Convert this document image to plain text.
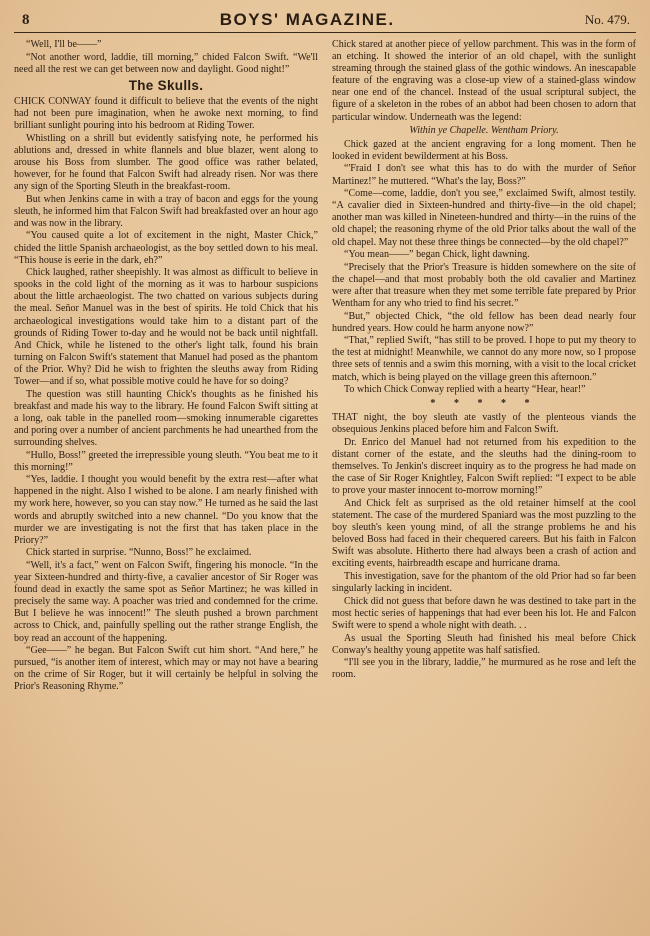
8	BOYS' MAGAZINE.	No. 479.

“Well, I'll be——”

“Not another word, laddie, till morning,” chided Falcon Swift. “We'll need all the rest we can get between now and daylight. Good night!”

The Skulls.

CHICK CONWAY found it difficult to believe that the events of the night had not been pure imagination, when he awoke next morning, to find brilliant sunlight pouring into his bedroom at Riding Tower.

Whistling on a shrill but evidently satisfying note, he performed his ablutions and, dressed in white flannels and blue blazer, went along to arouse his Boss from slumber. The good office was rather belated, however, for he found that Falcon Swift had already risen. Nor was there any sign of the Sporting Sleuth in the breakfast-room.

But when Jenkins came in with a tray of bacon and eggs for the young sleuth, he informed him that Falcon Swift had breakfasted over an hour ago and was now in the library.

“You caused quite a lot of excitement in the night, Master Chick,” chided the little Spanish archaeologist, as the boy settled down to his meal. “This house is eerie in the dark, eh?”

Chick laughed, rather sheepishly. It was almost as difficult to believe in spooks in the cold light of the morning as it was to harbour suspicions about the little archaeologist. The two chatted on various subjects during the meal. Señor Manuel was in the best of spirits. He told Chick that his archaeological investigations would take him to a distant part of the grounds of Riding Tower to-day and he would not be back until nightfall. And Chick, while he listened to the other's light talk, found his brain turning on Falcon Swift's statement that Manuel had posed as the phantom of the Prior. Why? Did he wish to frighten the sleuths away from Riding Tower—and if so, what possible motive could he have for so doing?

The question was still haunting Chick's thoughts as he finished his breakfast and made his way to the library. He found Falcon Swift sitting at a long, oak table in the panelled room—smoking innumerable cigarettes and poring over a number of ancient parchments he had unearthed from the surrounding shelves.

“Hullo, Boss!” greeted the irrepressible young sleuth. “You beat me to it this morning!”

“Yes, laddie. I thought you would benefit by the extra rest—after what happened in the night. Also I wished to be alone. I am nearly finished with my work here, however, so you can stay now.” He turned as he said the last words and abruptly switched into a new channel. “Do you know that the murder we are investigating is not the first that has taken place in the Priory?”

Chick started in surprise. “Nunno, Boss!” he exclaimed.

“Well, it's a fact,” went on Falcon Swift, fingering his monocle. “In the year Sixteen-hundred and thirty-five, a cavalier ancestor of Sir Roger was found dead in exactly the same spot as Señor Martinez; he was killed in precisely the same way. A poacher was tried and condemned for the crime. But I believe he was innocent!” The sleuth pushed a brown parchment across to Chick, and, painfully spelling out the rather strange English, the boy read an account of the happening.

“Gee——” he began. But Falcon Swift cut him short. “And here,” he pursued, “is another item of interest, which may or may not have a bearing on the crime of Sir Roger, but it will certainly be helpful in solving the Prior's Reasoning Rhyme.”

Chick stared at another piece of yellow parchment. This was in the form of an etching. It showed the interior of an old chapel, with the sunlight streaming through the stained glass of the gothic windows. An inescapable feature of the engraving was a close-up view of a stained-glass window near one end of the chancel. Instead of the usual scriptural subject, the figure of a skeleton in the robes of an abbot had been chosen to adorn that particular window. Underneath was the legend:

Within ye Chapelle. Wentham Priory.

Chick gazed at the ancient engraving for a long moment. Then he looked in evident bewilderment at his Boss.

“'Fraid I don't see what this has to do with the murder of Señor Martinez!” he muttered. “What's the lay, Boss?”

“Come—come, laddie, don't you see,” exclaimed Swift, almost testily. “A cavalier died in Sixteen-hundred and thirty-five—in the old chapel; another man was killed in Nineteen-hundred and thirty—in the ruins of the old chapel; the reasoning rhyme of the old Prior talks about the wall of the old chapel. May not these three things be connected—by the old chapel?”

“You mean——” began Chick, light dawning.

“Precisely that the Prior's Treasure is hidden somewhere on the site of the chapel—and that most probably both the old cavalier and Martinez were after that treasure when they met some terrible fate prepared by Prior Wentham for any who tried to find his secret.”

“But,” objected Chick, “the old fellow has been dead nearly four hundred years. How could he harm anyone now?”

“That,” replied Swift, “has still to be proved. I hope to put my theory to the test at midnight! Meanwhile, we cannot do any more now, so I propose three sets of tennis and a swim this morning, with a visit to the local cricket match, which is being played on the village green this afternoon.”

To which Chick Conway replied with a hearty “Hear, hear!”

* * * * *

THAT night, the boy sleuth ate vastly of the plenteous viands the obsequious Jenkins placed before him and Falcon Swift.

Dr. Enrico del Manuel had not returned from his expedition to the distant corner of the estate, and the sleuths had the dining-room to themselves. To Jenkin's discreet inquiry as to the progress he had made on the case of Sir Roger Knightley, Falcon Swift replied: “I expect to be able to prove your master innocent to-morrow morning!”

And Chick felt as surprised as the old retainer himself at the cool statement. The case of the murdered Spaniard was the most puzzling to the boy sleuth's keen young mind, of all the strange problems he and his beloved Boss had faced in their chequered careers. But his faith in Falcon Swift was absolute. Hitherto there had always been a crash of action and exciting events, hairbreadth escape and hurricane drama.

This investigation, save for the phantom of the old Prior had so far been singularly lacking in incident.

Chick did not guess that before dawn he was destined to take part in the most hectic series of happenings that had ever been his lot. He and Falcon Swift were to spend a whole night with death. . .

As usual the Sporting Sleuth had finished his meal before Chick Conway's healthy young appetite was half satisfied.

“I'll see you in the library, laddie,” he murmured as he rose and left the room.
